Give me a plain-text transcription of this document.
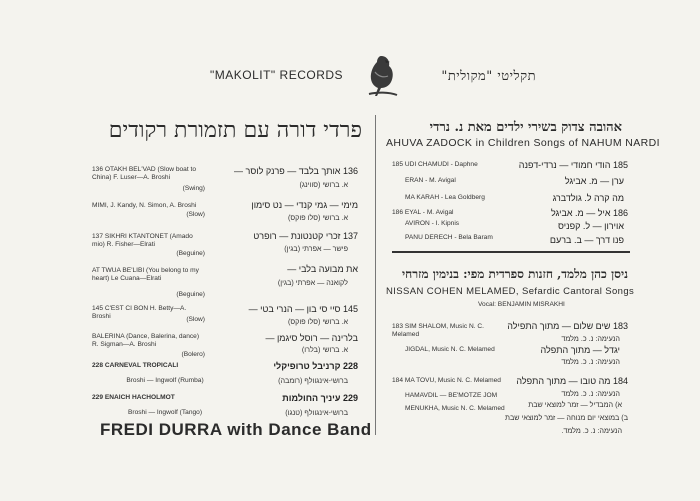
"MAKOLIT" RECORDS	תקליטי "מקולית"
פרדי דורה עם תזמורת רקודים
136 OTAKH BEL'VAD (Slow boat to China) F. Luser—A. Broshi
(Swing)
136 אותך בלבד — פרנק לוסר —
א. ברושי (סווינג)
MIMI, J. Kandy, N. Simon, A. Broshi
(Slow)
מימי — גמי קנדי — נט סימון
א. ברושי (סלו פוקס)
137 SIKHRI KTANTONET (Amado mio) R. Fisher—Elrati
(Beguine)
137 זכרי קטנטונת — רופרט
פישר — אפרתי (בגין)
AT TWUA BE'LIBI (You belong to my heart) Le Cuana—Elrati
(Beguine)
את מבועה בלבי —
לקואנה — אפרתי (בגין)
145 C'EST CI BON H. Betty—A. Broshi	(Slow)
145 סיי סי בון — הנרי בטי —
א. ברושי (סלו פוקס)
BALERINA (Dance, Balerina, dance) R. Sigman—A. Broshi
(Bolero)
בלרינה — רוסל סיגמן —
א. ברושי (בלרו)
228 CARNEVAL TROPICALI
Broshi — Ingwolf (Rumba)
228 קרניבל טרופיקלי
ברושי-אינגוולף (רומבה)
229 ENAICH HACHOLMOT
Broshi — Ingwolf (Tango)
229 עיניך החולמות
ברושי-אינגוולף (טנגו)
FREDI DURRA with Dance Band
אהובה צדוק בשירי ילדים מאת נ. נרדי
AHUVA ZADOCK in Children Songs of NAHUM NARDI
185 UDI CHAMUDI - Daphne	185 הודי חמודי — נרדי-דפנה
ERAN - M. Avigal	ערן — מ. אביגל
MA KARAH - Lea Goldberg	מה קרה ל. גולדברג
186 EYAL - M. Avigal	186 איל — מ. אביגל
AVIRON - I. Kipnis	אוירון — ל. קפניס
PANU DERECH - Bela Baram	פנו דרך — ב. ברעם
ניסן כהן מלמד, חזנות ספרדית מפי: בנימין מזרחי
NISSAN COHEN MELAMED, Sefardic Cantoral Songs
Vocal: BENJAMIN MISRAKHI
183 SIM SHALOM, Music N. C. Melamed
183 שים שלום — מתוך התפילה
הנעימה: נ. כ. מלמד
JIGDAL, Music N. C. Melamed	יגדל — מתוך התפלה
הנעימה: נ. כ. מלמד
184 MA TOVU, Music N. C. Melamed	184 מה טובו — מתוך התפלה
הנעימה: נ. כ. מלמד
HAMAVDIL — BE'MOTZE JOM
א) המבדיל — זמר למוצאי שבת
MENUKHA, Music N. C. Melamed
ב) במוצאי יום מנוחה — זמר למוצאי שבת
הנעימה: נ. כ. מלמד.
